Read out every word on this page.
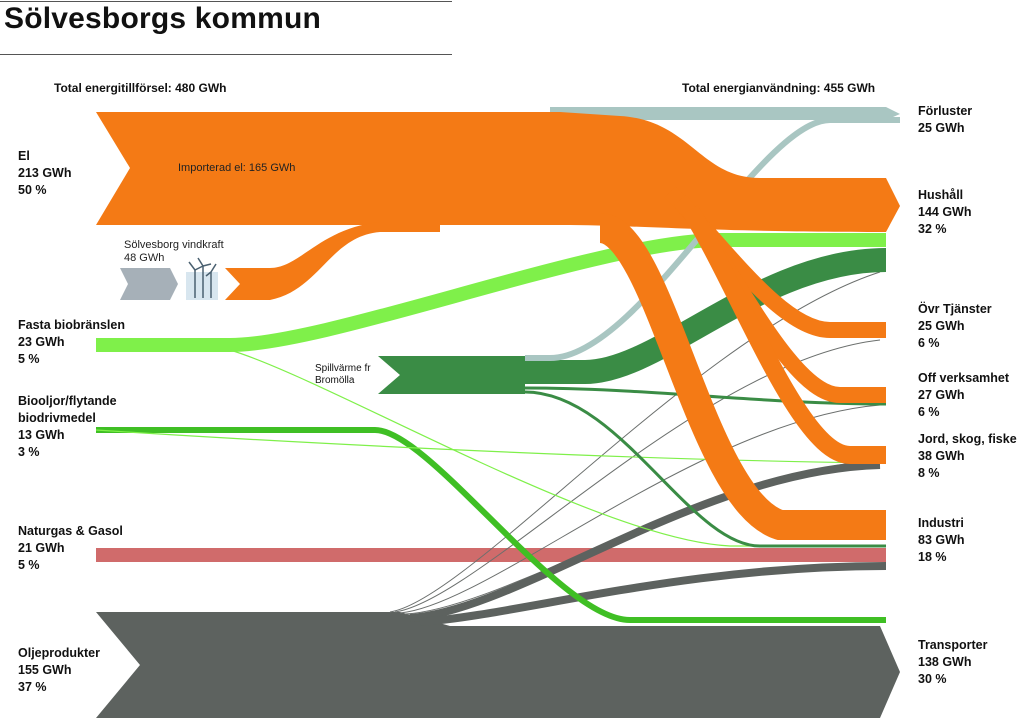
Sölvesborgs kommun
Total energitillförsel: 480 GWh	Total energianvändning: 455 GWh
El
213 GWh
50 %
Fasta biobränslen
23 GWh
5 %
Biooljor/flytande
biodrivmedel
13 GWh
3 %
Naturgas & Gasol
21 GWh
5 %
Oljeprodukter
155 GWh
37 %
Förluster
25 GWh
Hushåll
144 GWh
32 %
Övr Tjänster
25 GWh
6 %
Off verksamhet
27 GWh
6 %
Jord, skog, fiske
38 GWh
8 %
Industri
83 GWh
18 %
Transporter
138 GWh
30 %
Importerad el: 165 GWh
Sölvesborg vindkraft
48 GWh
Spillvärme fr
Bromölla
